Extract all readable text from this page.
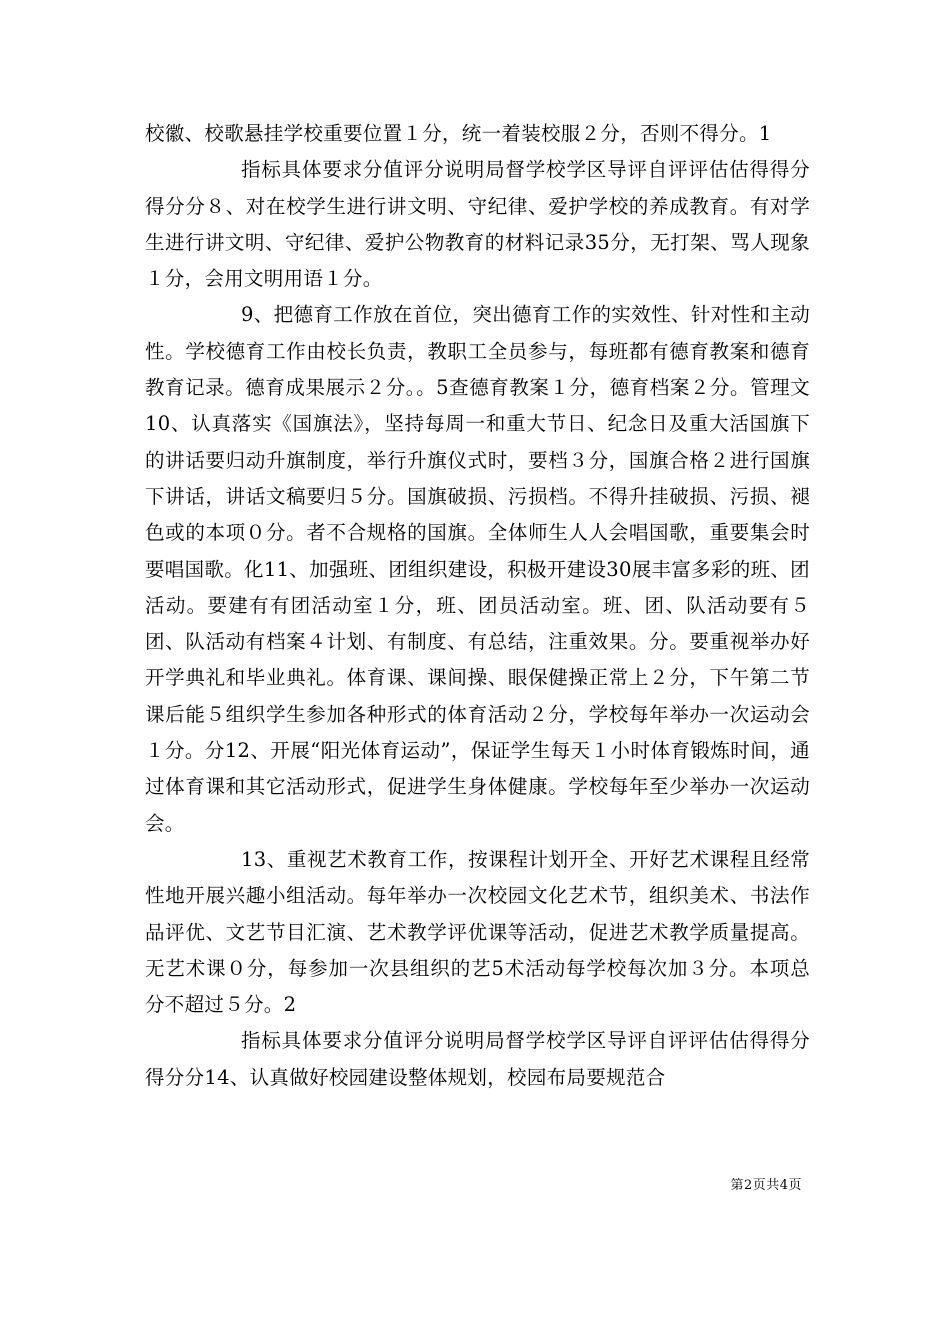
校徽、校歌悬挂学校重要位置１分，统一着装校服２分，否则不得分。1

指标具体要求分值评分说明局督学校学区导评自评评估估得得分得分分８、对在校学生进行讲文明、守纪律、爱护学校的养成教育。有对学生进行讲文明、守纪律、爱护公物教育的材料记录35分，无打架、骂人现象１分，会用文明用语１分。

9、把德育工作放在首位，突出德育工作的实效性、针对性和主动性。学校德育工作由校长负责，教职工全员参与，每班都有德育教案和德育教育记录。德育成果展示２分。。5查德育教案１分，德育档案２分。管理文10、认真落实《国旗法》，坚持每周一和重大节日、纪念日及重大活国旗下的讲话要归动升旗制度，举行升旗仪式时，要档３分，国旗合格２进行国旗下讲话，讲话文稿要归５分。国旗破损、污损档。不得升挂破损、污损、褪色或的本项０分。者不合规格的国旗。全体师生人人会唱国歌，重要集会时要唱国歌。化11、加强班、团组织建设，积极开建设30展丰富多彩的班、团活动。要建有有团活动室１分，班、团员活动室。班、团、队活动要有５团、队活动有档案４计划、有制度、有总结，注重效果。分。要重视举办好开学典礼和毕业典礼。体育课、课间操、眼保健操正常上２分，下午第二节课后能５组织学生参加各种形式的体育活动２分，学校每年举办一次运动会１分。分12、开展“阳光体育运动”，保证学生每天１小时体育锻炼时间，通过体育课和其它活动形式，促进学生身体健康。学校每年至少举办一次运动会。

13、重视艺术教育工作，按课程计划开全、开好艺术课程且经常性地开展兴趣小组活动。每年举办一次校园文化艺术节，组织美术、书法作品评优、文艺节目汇演、艺术教学评优课等活动，促进艺术教学质量提高。无艺术课０分，每参加一次县组织的艺5术活动每学校每次加３分。本项总分不超过５分。2

指标具体要求分值评分说明局督学校学区导评自评评估估得得分得分分14、认真做好校园建设整体规划，校园布局要规范合

第2页共4页
